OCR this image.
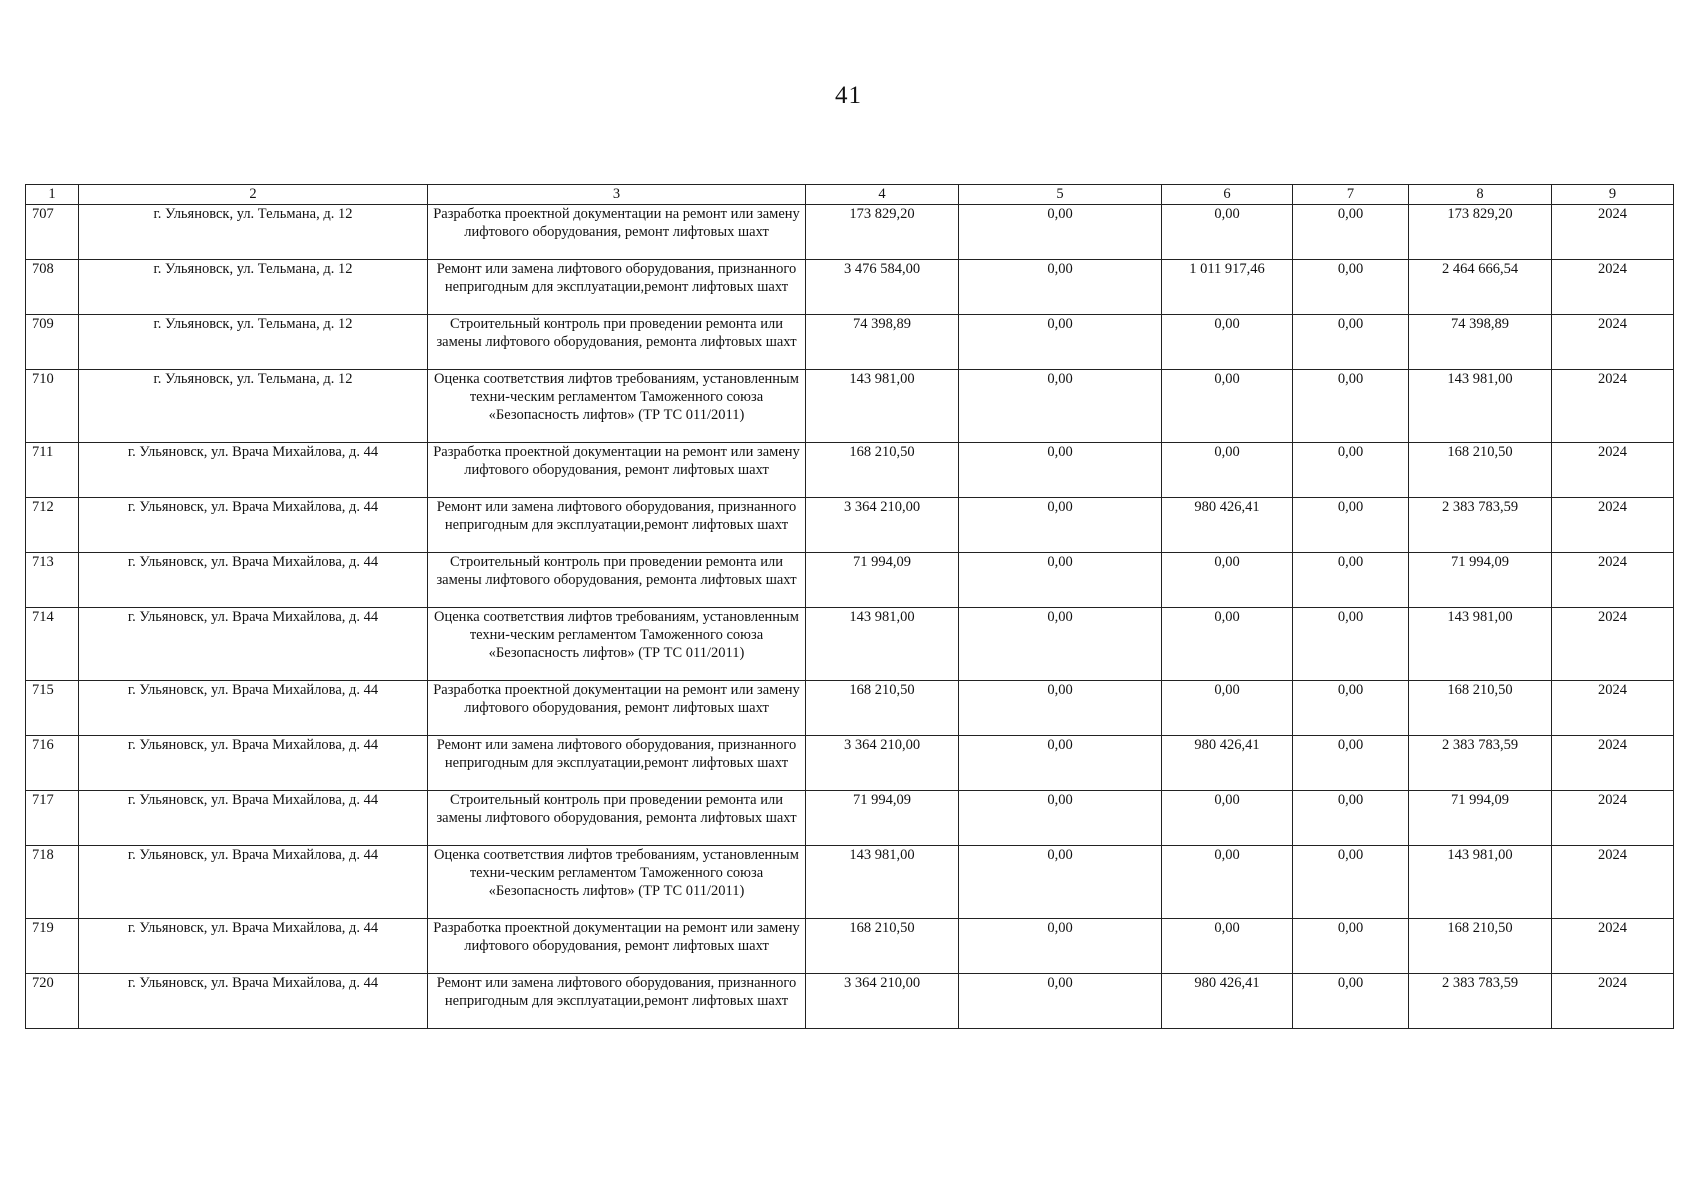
41
1	2	3	4	5	6	7	8	9
707	г. Ульяновск, ул. Тельмана, д. 12	Разработка проектной документации на ремонт или замену лифтового оборудования, ремонт лифтовых шахт	173 829,20	0,00	0,00	0,00	173 829,20	2024
708	г. Ульяновск, ул. Тельмана, д. 12	Ремонт или замена лифтового оборудования, признанного непригодным для эксплуатации,ремонт лифтовых шахт	3 476 584,00	0,00	1 011 917,46	0,00	2 464 666,54	2024
709	г. Ульяновск, ул. Тельмана, д. 12	Строительный контроль при проведении ремонта или замены лифтового оборудования, ремонта лифтовых шахт	74 398,89	0,00	0,00	0,00	74 398,89	2024
710	г. Ульяновск, ул. Тельмана, д. 12	Оценка соответствия лифтов требованиям, установленным техни-ческим регламентом Таможенного союза «Безопасность лифтов» (ТР ТС 011/2011)	143 981,00	0,00	0,00	0,00	143 981,00	2024
711	г. Ульяновск, ул. Врача Михайлова, д. 44	Разработка проектной документации на ремонт или замену лифтового оборудования, ремонт лифтовых шахт	168 210,50	0,00	0,00	0,00	168 210,50	2024
712	г. Ульяновск, ул. Врача Михайлова, д. 44	Ремонт или замена лифтового оборудования, признанного непригодным для эксплуатации,ремонт лифтовых шахт	3 364 210,00	0,00	980 426,41	0,00	2 383 783,59	2024
713	г. Ульяновск, ул. Врача Михайлова, д. 44	Строительный контроль при проведении ремонта или замены лифтового оборудования, ремонта лифтовых шахт	71 994,09	0,00	0,00	0,00	71 994,09	2024
714	г. Ульяновск, ул. Врача Михайлова, д. 44	Оценка соответствия лифтов требованиям, установленным техни-ческим регламентом Таможенного союза «Безопасность лифтов» (ТР ТС 011/2011)	143 981,00	0,00	0,00	0,00	143 981,00	2024
715	г. Ульяновск, ул. Врача Михайлова, д. 44	Разработка проектной документации на ремонт или замену лифтового оборудования, ремонт лифтовых шахт	168 210,50	0,00	0,00	0,00	168 210,50	2024
716	г. Ульяновск, ул. Врача Михайлова, д. 44	Ремонт или замена лифтового оборудования, признанного непригодным для эксплуатации,ремонт лифтовых шахт	3 364 210,00	0,00	980 426,41	0,00	2 383 783,59	2024
717	г. Ульяновск, ул. Врача Михайлова, д. 44	Строительный контроль при проведении ремонта или замены лифтового оборудования, ремонта лифтовых шахт	71 994,09	0,00	0,00	0,00	71 994,09	2024
718	г. Ульяновск, ул. Врача Михайлова, д. 44	Оценка соответствия лифтов требованиям, установленным техни-ческим регламентом Таможенного союза «Безопасность лифтов» (ТР ТС 011/2011)	143 981,00	0,00	0,00	0,00	143 981,00	2024
719	г. Ульяновск, ул. Врача Михайлова, д. 44	Разработка проектной документации на ремонт или замену лифтового оборудования, ремонт лифтовых шахт	168 210,50	0,00	0,00	0,00	168 210,50	2024
720	г. Ульяновск, ул. Врача Михайлова, д. 44	Ремонт или замена лифтового оборудования, признанного непригодным для эксплуатации,ремонт лифтовых шахт	3 364 210,00	0,00	980 426,41	0,00	2 383 783,59	2024
